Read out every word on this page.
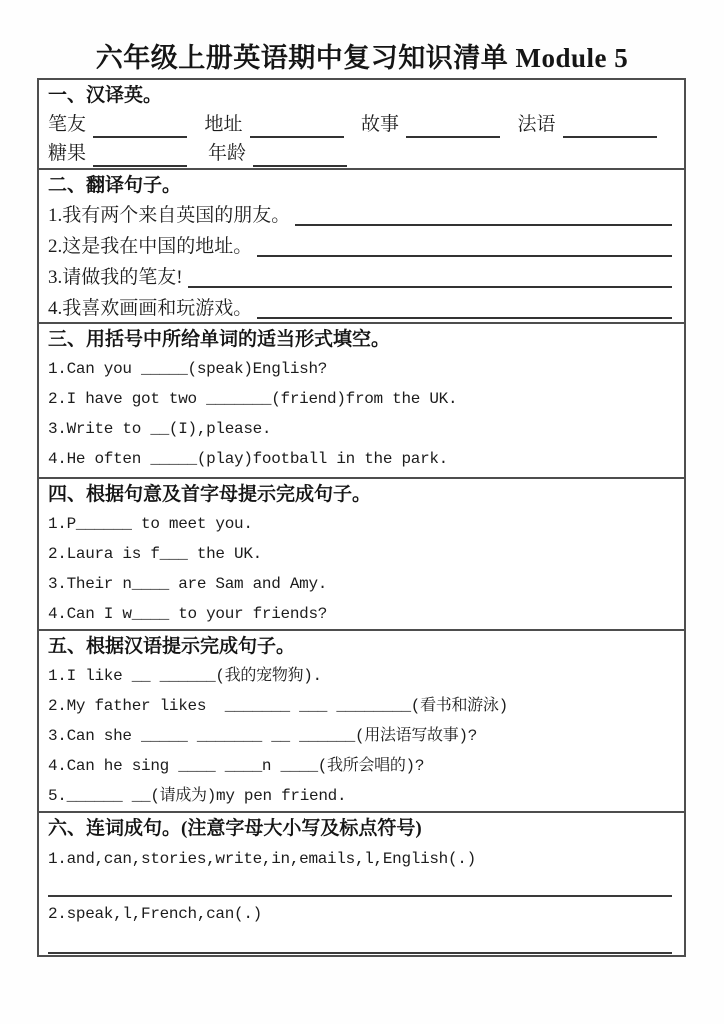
六年级上册英语期中复习知识清单 Module 5
一、汉译英。
笔友	地址	故事	法语
糖果	年龄
二、翻译句子。
1.我有两个来自英国的朋友。
2.这是我在中国的地址。
3.请做我的笔友!
4.我喜欢画画和玩游戏。
三、用括号中所给单词的适当形式填空。
1.Can you _____(speak)English?
2.I have got two _______(friend)from the UK.
3.Write to __(I),please.
4.He often _____(play)football in the park.
四、根据句意及首字母提示完成句子。
1.P______ to meet you.
2.Laura is f___ the UK.
3.Their n____ are Sam and Amy.
4.Can I w____ to your friends?
五、根据汉语提示完成句子。
1.I like __ ______(我的宠物狗).
2.My father likes  _______ ___ ________(看书和游泳)
3.Can she _____ _______ __ ______(用法语写故事)?
4.Can he sing ____ ____n ____(我所会唱的)?
5.______ __(请成为)my pen friend.
六、连词成句。(注意字母大小写及标点符号)
1.and,can,stories,write,in,emails,l,English(.)
2.speak,l,French,can(.)
